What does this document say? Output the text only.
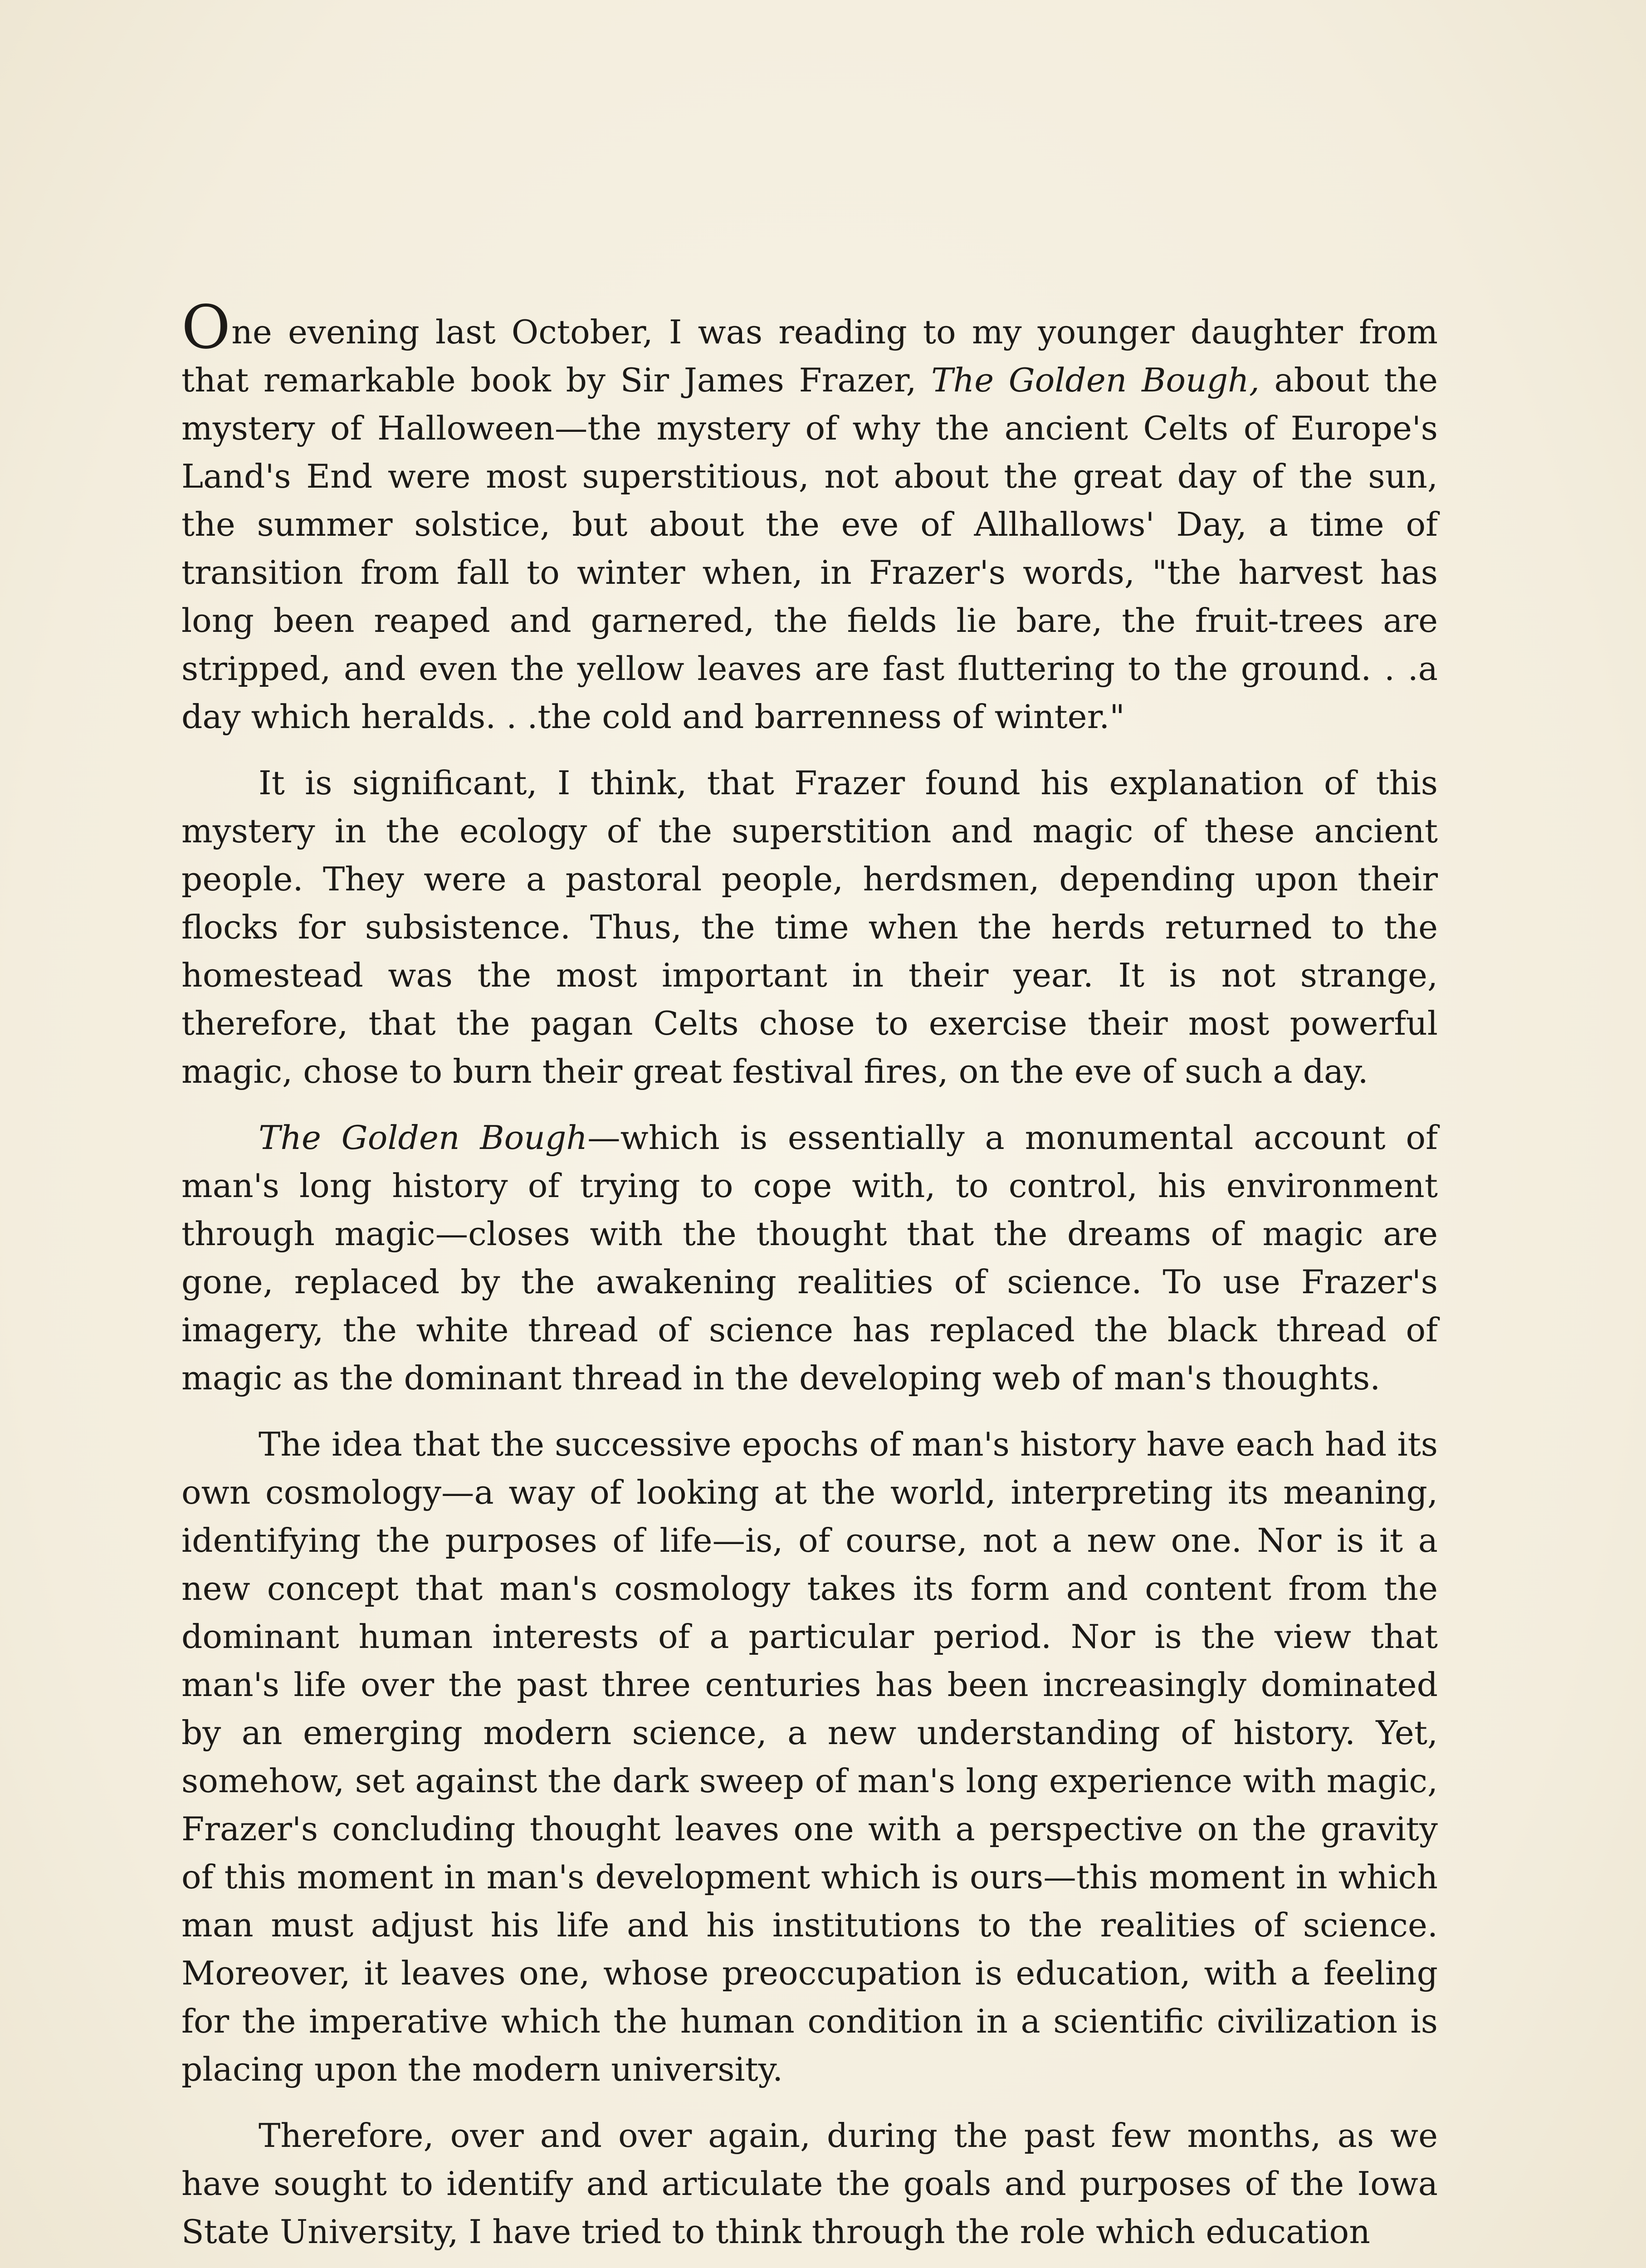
One evening last October, I was reading to my younger daughter from that remarkable book by Sir James Frazer, The Golden Bough, about the mystery of Halloween—the mystery of why the ancient Celts of Europe's Land's End were most superstitious, not about the great day of the sun, the summer solstice, but about the eve of Allhallows' Day, a time of transition from fall to winter when, in Frazer's words, "the harvest has long been reaped and garnered, the fields lie bare, the fruit-trees are stripped, and even the yellow leaves are fast fluttering to the ground. . .a day which heralds. . .the cold and barrenness of winter."

It is significant, I think, that Frazer found his explanation of this mystery in the ecology of the superstition and magic of these ancient people. They were a pastoral people, herdsmen, depending upon their flocks for subsistence. Thus, the time when the herds returned to the homestead was the most important in their year. It is not strange, therefore, that the pagan Celts chose to exercise their most powerful magic, chose to burn their great festival fires, on the eve of such a day.

The Golden Bough—which is essentially a monumental account of man's long history of trying to cope with, to control, his environment through magic—closes with the thought that the dreams of magic are gone, replaced by the awakening realities of science. To use Frazer's imagery, the white thread of science has replaced the black thread of magic as the dominant thread in the developing web of man's thoughts.

The idea that the successive epochs of man's history have each had its own cosmology—a way of looking at the world, interpreting its meaning, identifying the purposes of life—is, of course, not a new one. Nor is it a new concept that man's cosmology takes its form and content from the dominant human interests of a particular period. Nor is the view that man's life over the past three centuries has been increasingly dominated by an emerging modern science, a new understanding of history. Yet, somehow, set against the dark sweep of man's long experience with magic, Frazer's concluding thought leaves one with a perspective on the gravity of this moment in man's development which is ours—this moment in which man must adjust his life and his institutions to the realities of science. Moreover, it leaves one, whose preoccupation is education, with a feeling for the imperative which the human condition in a scientific civilization is placing upon the modern university.

Therefore, over and over again, during the past few months, as we have sought to identify and articulate the goals and purposes of the Iowa State University, I have tried to think through the role which education
